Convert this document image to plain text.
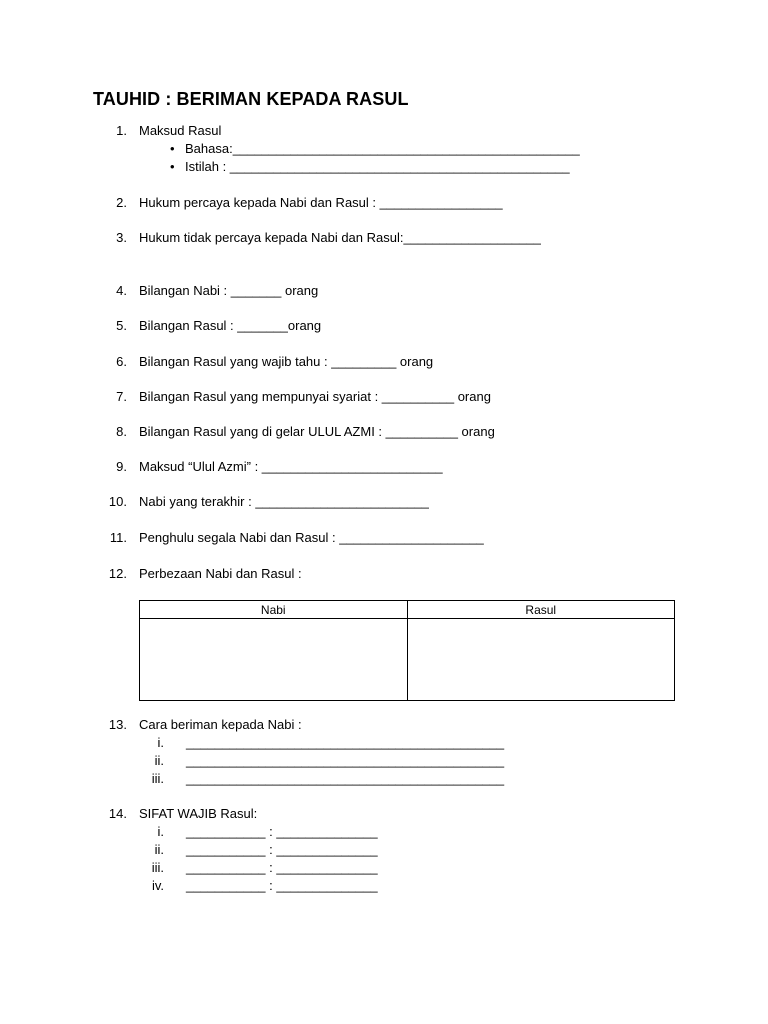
TAUHID : BERIMAN KEPADA RASUL
1. Maksud Rasul
• Bahasa:________________________________________________
• Istilah : _______________________________________________
2. Hukum percaya kepada Nabi dan Rasul : _________________
3. Hukum tidak percaya kepada Nabi dan Rasul:___________________
4. Bilangan Nabi : _______ orang
5. Bilangan Rasul : _______orang
6. Bilangan Rasul yang wajib tahu : _________ orang
7. Bilangan Rasul yang mempunyai syariat : __________ orang
8. Bilangan Rasul yang di gelar ULUL AZMI : __________ orang
9. Maksud “Ulul Azmi” : _________________________
10. Nabi yang terakhir : ________________________
11. Penghulu segala Nabi dan Rasul : ____________________
12. Perbezaan Nabi dan Rasul :
Nabi	Rasul

13. Cara beriman kepada Nabi :
i. ____________________________________________
ii. ____________________________________________
iii. ____________________________________________
14. SIFAT WAJIB Rasul:
i. ___________ : ______________
ii. ___________ : ______________
iii. ___________ : ______________
iv. ___________ : ______________
